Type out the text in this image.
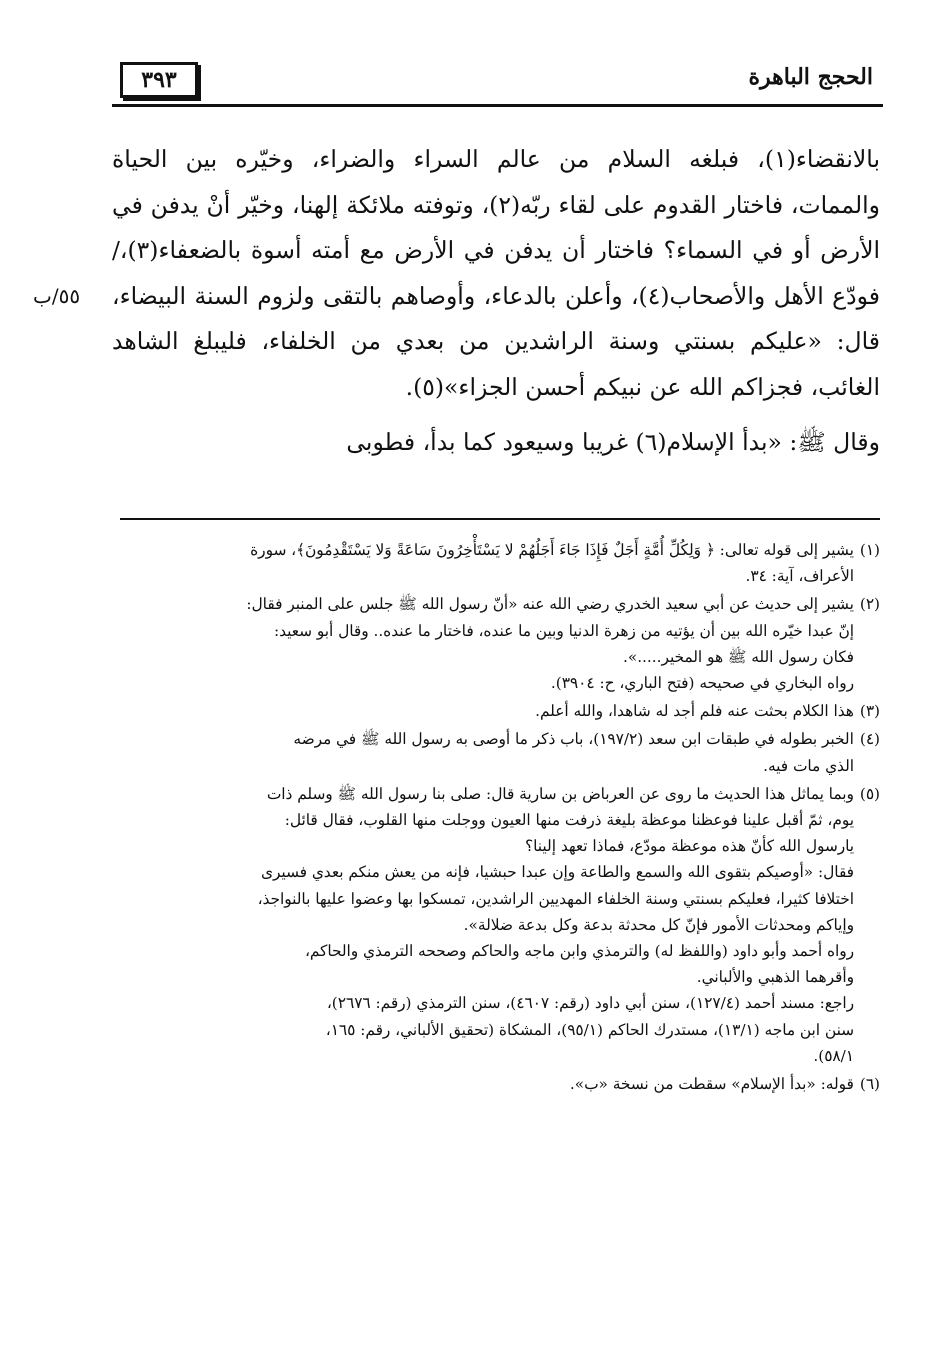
٣٩٣	الحجج الباهرة
٥٥/ب

بالانقضاء(١)، فبلغه السلام من عالم السراء والضراء، وخيّره بين الحياة والممات، فاختار القدوم على لقاء ربّه(٢)، وتوفته ملائكة إلهنا، وخيّر أنْ يدفن في الأرض أو في السماء؟ فاختار أن يدفن في الأرض مع أمته أسوة بالضعفاء(٣)،/ فودّع الأهل والأصحاب(٤)، وأعلن بالدعاء، وأوصاهم بالتقى ولزوم السنة البيضاء، قال: «عليكم بسنتي وسنة الراشدين من بعدي من الخلفاء، فليبلغ الشاهد الغائب، فجزاكم الله عن نبيكم أحسن الجزاء»(٥).

وقال ﷺ: «بدأ الإسلام(٦) غريبا وسيعود كما بدأ، فطوبى

(١)يشير إلى قوله تعالى: ﴿ وَلِكُلِّ أُمَّةٍ أَجَلٌ فَإِذَا جَاءَ أَجَلُهُمْ لا يَسْتَأْخِرُونَ سَاعَةً وَلا يَسْتَقْدِمُونَ﴾، سورة
الأعراف، آية: ٣٤.
(٢)يشير إلى حديث عن أبي سعيد الخدري رضي الله عنه «أنّ رسول الله ﷺ جلس على المنبر فقال:
إنّ عبدا خيّره الله بين أن يؤتيه من زهرة الدنيا وبين ما عنده، فاختار ما عنده.. وقال أبو سعيد:
فكان رسول الله ﷺ هو المخير.....».
رواه البخاري في صحيحه (فتح الباري، ح: ٣٩٠٤).
(٣)هذا الكلام بحثت عنه فلم أجد له شاهدا، والله أعلم.
(٤)الخبر بطوله في طبقات ابن سعد (١٩٧/٢)، باب ذكر ما أوصى به رسول الله ﷺ في مرضه
الذي مات فيه.
(٥)وبما يماثل هذا الحديث ما روى عن العرباض بن سارية قال: صلى بنا رسول الله ﷺ وسلم ذات
يوم، ثمّ أقبل علينا فوعظنا موعظة بليغة ذرفت منها العيون ووجلت منها القلوب، فقال قائل:
يارسول الله كأنّ هذه موعظة مودّع، فماذا تعهد إلينا؟
فقال: «أوصيكم بتقوى الله والسمع والطاعة وإن عبدا حبشيا، فإنه من يعش منكم بعدي فسيرى
اختلافا كثيرا، فعليكم بسنتي وسنة الخلفاء المهديين الراشدين، تمسكوا بها وعضوا عليها بالنواجذ،
وإياكم ومحدثات الأمور فإنّ كل محدثة بدعة وكل بدعة ضلالة».
رواه أحمد وأبو داود (واللفظ له) والترمذي وابن ماجه والحاكم وصححه الترمذي والحاكم،
وأقرهما الذهبي والألباني.
راجع: مسند أحمد (١٢٧/٤)، سنن أبي داود (رقم: ٤٦٠٧)، سنن الترمذي (رقم: ٢٦٧٦)،
سنن ابن ماجه (١٣/١)، مستدرك الحاكم (٩٥/١)، المشكاة (تحقيق الألباني، رقم: ١٦٥،
٥٨/١).
(٦)قوله: «بدأ الإسلام» سقطت من نسخة «ب».
